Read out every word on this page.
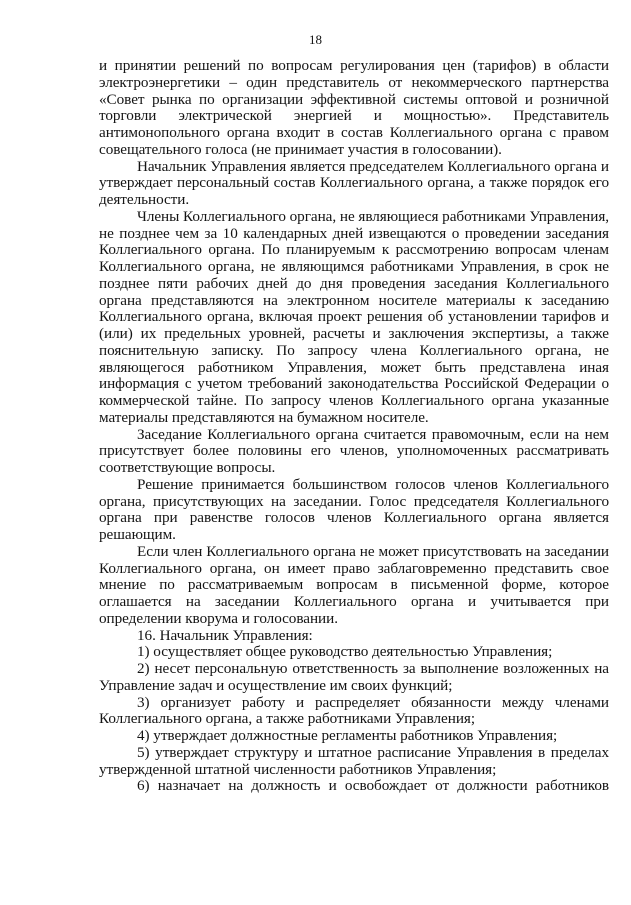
18

и принятии решений по вопросам регулирования цен (тарифов) в области электроэнергетики – один представитель от некоммерческого партнерства «Совет рынка по организации эффективной системы оптовой и розничной торговли электрической энергией и мощностью». Представитель антимонопольного органа входит в состав Коллегиального органа с правом совещательного голоса (не принимает участия в голосовании).

Начальник Управления является председателем Коллегиального органа и утверждает персональный состав Коллегиального органа, а также порядок его деятельности.

Члены Коллегиального органа, не являющиеся работниками Управления, не позднее чем за 10 календарных дней извещаются о проведении заседания Коллегиального органа. По планируемым к рассмотрению вопросам членам Коллегиального органа, не являющимся работниками Управления, в срок не позднее пяти рабочих дней до дня проведения заседания Коллегиального органа представляются на электронном носителе материалы к заседанию Коллегиального органа, включая проект решения об установлении тарифов и (или) их предельных уровней, расчеты и заключения экспертизы, а также пояснительную записку. По запросу члена Коллегиального органа, не являющегося работником Управления, может быть представлена иная информация с учетом требований законодательства Российской Федерации о коммерческой тайне. По запросу членов Коллегиального органа указанные материалы представляются на бумажном носителе.

Заседание Коллегиального органа считается правомочным, если на нем присутствует более половины его членов, уполномоченных рассматривать соответствующие вопросы.

Решение принимается большинством голосов членов Коллегиального органа, присутствующих на заседании. Голос председателя Коллегиального органа при равенстве голосов членов Коллегиального органа является решающим.

Если член Коллегиального органа не может присутствовать на заседании Коллегиального органа, он имеет право заблаговременно представить свое мнение по рассматриваемым вопросам в письменной форме, которое оглашается на заседании Коллегиального органа и учитывается при определении кворума и голосовании.

16. Начальник Управления:

1) осуществляет общее руководство деятельностью Управления;

2) несет персональную ответственность за выполнение возложенных на Управление задач и осуществление им своих функций;

3) организует работу и распределяет обязанности между членами Коллегиального органа, а также работниками Управления;

4) утверждает должностные регламенты работников Управления;

5) утверждает структуру и штатное расписание Управления в пределах утвержденной штатной численности работников Управления;

6) назначает на должность и освобождает от должности работников
